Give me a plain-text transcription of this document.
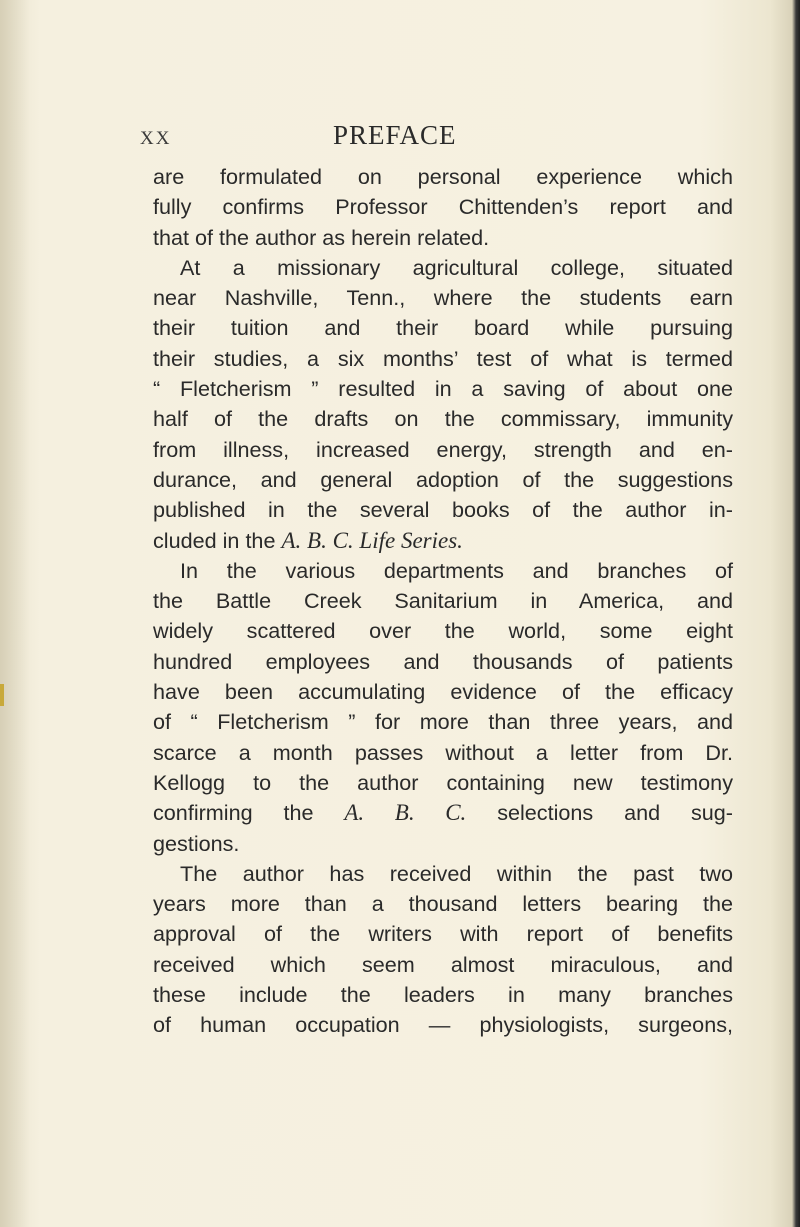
XX	PREFACE
are formulated on personal experience which
fully confirms Professor Chittenden’s report and
that of the author as herein related.
At a missionary agricultural college, situated
near Nashville, Tenn., where the students earn
their tuition and their board while pursuing
their studies, a six months’ test of what is termed
“ Fletcherism ” resulted in a saving of about one
half of the drafts on the commissary, immunity
from illness, increased energy, strength and en-
durance, and general adoption of the suggestions
published in the several books of the author in-
cluded in the A. B. C. Life Series.
In the various departments and branches of
the Battle Creek Sanitarium in America, and
widely scattered over the world, some eight
hundred employees and thousands of patients
have been accumulating evidence of the efficacy
of “ Fletcherism ” for more than three years, and
scarce a month passes without a letter from Dr.
Kellogg to the author containing new testimony
confirming the A. B. C. selections and sug-
gestions.
The author has received within the past two
years more than a thousand letters bearing the
approval of the writers with report of benefits
received which seem almost miraculous, and
these include the leaders in many branches
of human occupation — physiologists, surgeons,
